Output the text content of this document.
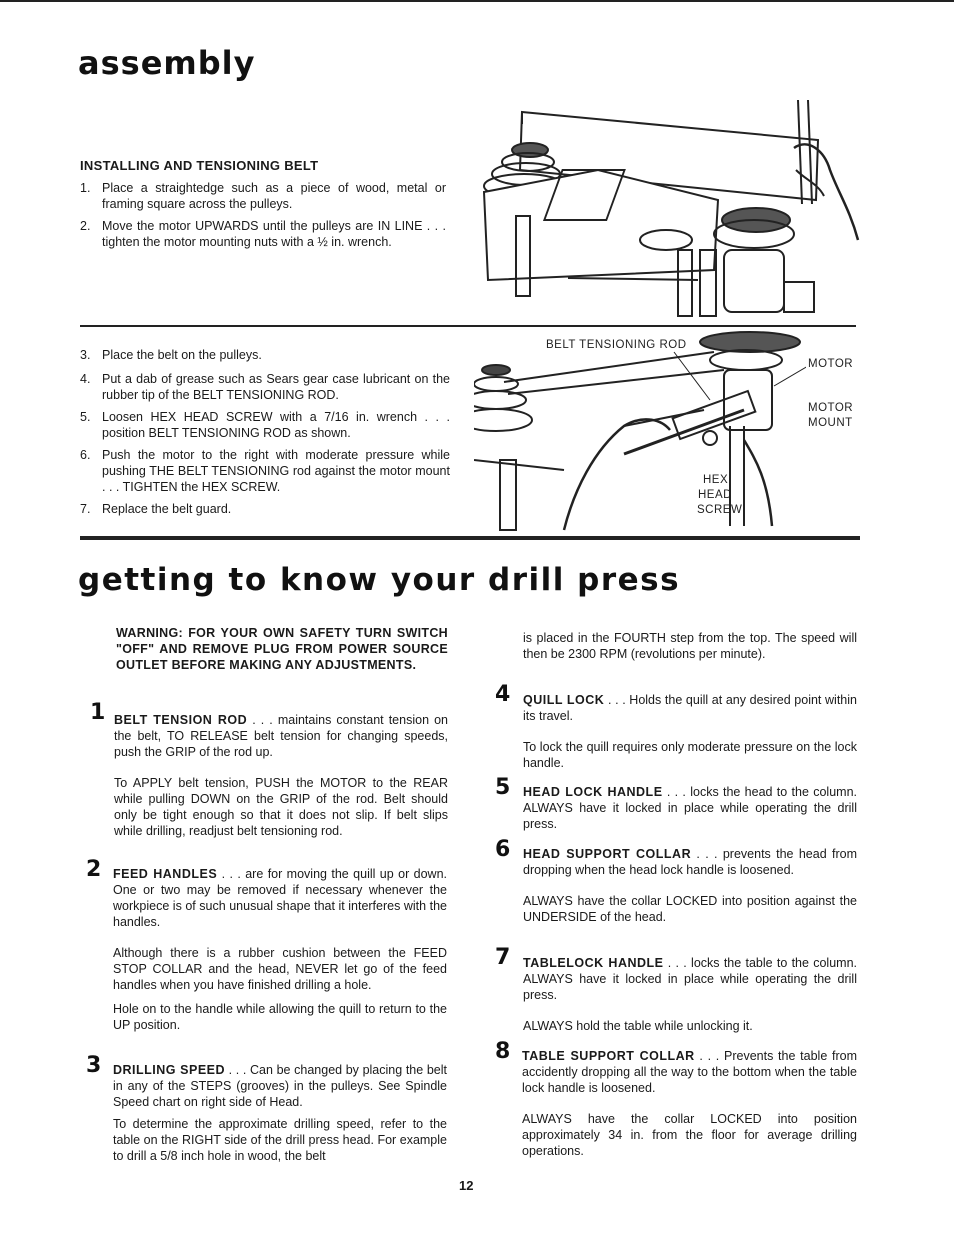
assembly
INSTALLING AND TENSIONING BELT
1. Place a straightedge such as a piece of wood, metal or framing square across the pulleys.
2. Move the motor UPWARDS until the pulleys are IN LINE . . . tighten the motor mounting nuts with a ½ in. wrench.
3. Place the belt on the pulleys.
4. Put a dab of grease such as Sears gear case lubricant on the rubber tip of the BELT TENSIONING ROD.
5. Loosen HEX HEAD SCREW with a 7/16 in. wrench . . . position BELT TENSIONING ROD as shown.
6. Push the motor to the right with moderate pressure while pushing THE BELT TENSIONING rod against the motor mount . . . TIGHTEN the HEX SCREW.
7. Replace the belt guard.
BELT TENSIONING ROD
MOTOR
MOTOR
MOUNT
HEX
HEAD
SCREW
getting to know your drill press
WARNING: FOR YOUR OWN SAFETY TURN SWITCH "OFF" AND REMOVE PLUG FROM POWER SOURCE OUTLET BEFORE MAKING ANY ADJUSTMENTS.
1 BELT TENSION ROD . . . maintains constant tension on the belt, TO RELEASE belt tension for changing speeds, push the GRIP of the rod up.
To APPLY belt tension, PUSH the MOTOR to the REAR while pulling DOWN on the GRIP of the rod. Belt should only be tight enough so that it does not slip. If belt slips while drilling, readjust belt tensioning rod.
2 FEED HANDLES . . . are for moving the quill up or down. One or two may be removed if necessary whenever the workpiece is of such unusual shape that it interferes with the handles.
Although there is a rubber cushion between the FEED STOP COLLAR and the head, NEVER let go of the feed handles when you have finished drilling a hole.
Hole on to the handle while allowing the quill to return to the UP position.
3 DRILLING SPEED . . . Can be changed by placing the belt in any of the STEPS (grooves) in the pulleys. See Spindle Speed chart on right side of Head.
To determine the approximate drilling speed, refer to the table on the RIGHT side of the drill press head. For example to drill a 5/8 inch hole in wood, the belt
is placed in the FOURTH step from the top. The speed will then be 2300 RPM (revolutions per minute).
4 QUILL LOCK . . . Holds the quill at any desired point within its travel.
To lock the quill requires only moderate pressure on the lock handle.
5 HEAD LOCK HANDLE . . . locks the head to the column. ALWAYS have it locked in place while operating the drill press.
6 HEAD SUPPORT COLLAR . . . prevents the head from dropping when the head lock handle is loosened.
ALWAYS have the collar LOCKED into position against the UNDERSIDE of the head.
7 TABLELOCK HANDLE . . . locks the table to the column. ALWAYS have it locked in place while operating the drill press.
ALWAYS hold the table while unlocking it.
8 TABLE SUPPORT COLLAR . . . Prevents the table from accidently dropping all the way to the bottom when the table lock handle is loosened.
ALWAYS have the collar LOCKED into position approximately 34 in. from the floor for average drilling operations.
12
